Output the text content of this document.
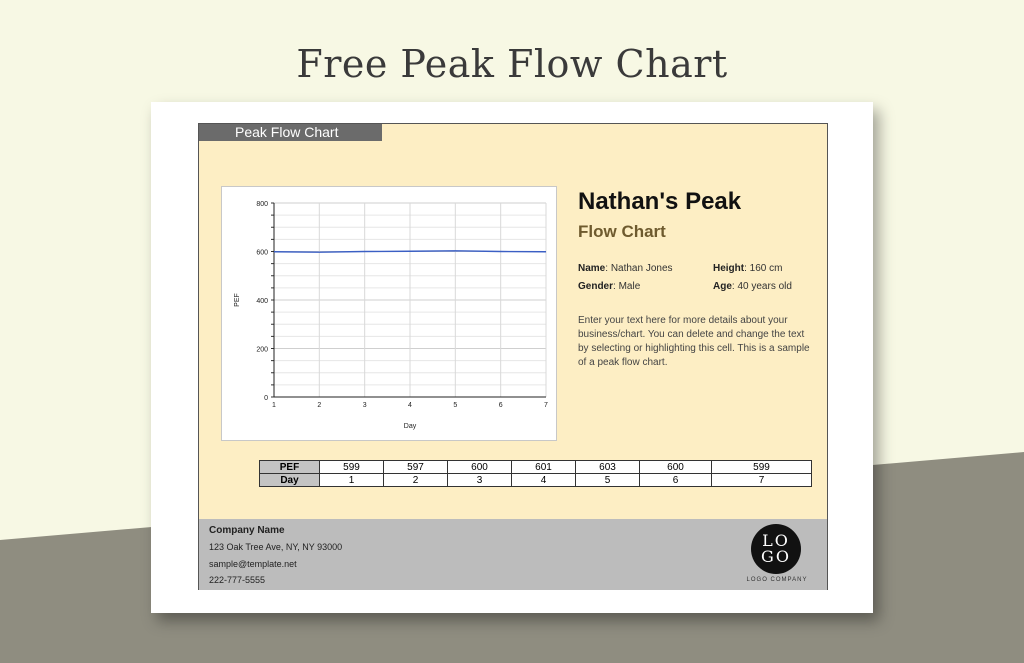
Free Peak Flow Chart
Peak Flow Chart
0
200
400
600
800
1	2	3	4	5	6	7
Day
PEF
Nathan's Peak
Flow Chart
Name: Nathan Jones	Height: 160 cm
Gender: Male	Age: 40 years old
Enter your text here for more details about your business/chart. You can delete and change the text by selecting or highlighting this cell. This is a sample of a peak flow chart.
PEF	599	597	600	601	603	600	599
Day	1	2	3	4	5	6	7
Company Name
123 Oak Tree Ave, NY, NY 93000
sample@template.net
222-777-5555
LO
GO
LOGO COMPANY
